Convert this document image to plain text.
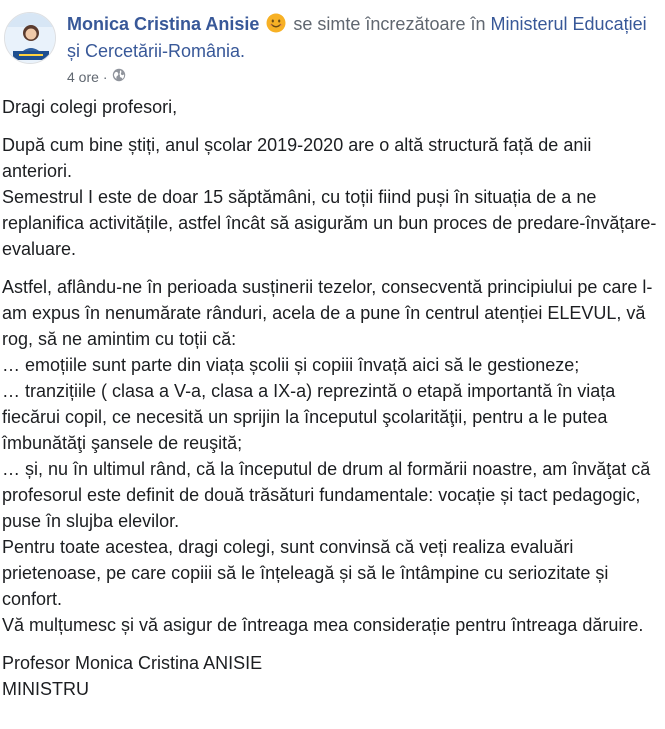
Monica Cristina Anisie se simte încrezătoare în Ministerul Educației și Cercetării-România.
4 ore ·

Dragi colegi profesori,

După cum bine știți, anul școlar 2019-2020 are o altă structură față de anii anteriori.
Semestrul I este de doar 15 săptămâni, cu toții fiind puși în situația de a ne replanifica activitățile, astfel încât să asigurăm un bun proces de predare-învățare-evaluare.

Astfel, aflându-ne în perioada susținerii tezelor, consecventă principiului pe care l-am expus în nenumărate rânduri, acela de a pune în centrul atenției ELEVUL, vă rog, să ne amintim cu toții că:
… emoțiile sunt parte din viața școlii și copiii învață aici să le gestioneze;
… tranzițiile ( clasa a V-a, clasa a IX-a) reprezintă o etapă importantă în viața fiecărui copil, ce necesită un sprijin la începutul şcolarităţii, pentru a le putea îmbunătăţi şansele de reuşită;
… și, nu în ultimul rând, că la începutul de drum al formării noastre, am învăţat că profesorul este definit de două trăsături fundamentale: vocație și tact pedagogic, puse în slujba elevilor.
Pentru toate acestea, dragi colegi, sunt convinsă că veți realiza evaluări prietenoase, pe care copiii să le înțeleagă și să le întâmpine cu seriozitate și confort.
Vă mulțumesc și vă asigur de întreaga mea considerație pentru întreaga dăruire.

Profesor Monica Cristina ANISIE
MINISTRU
